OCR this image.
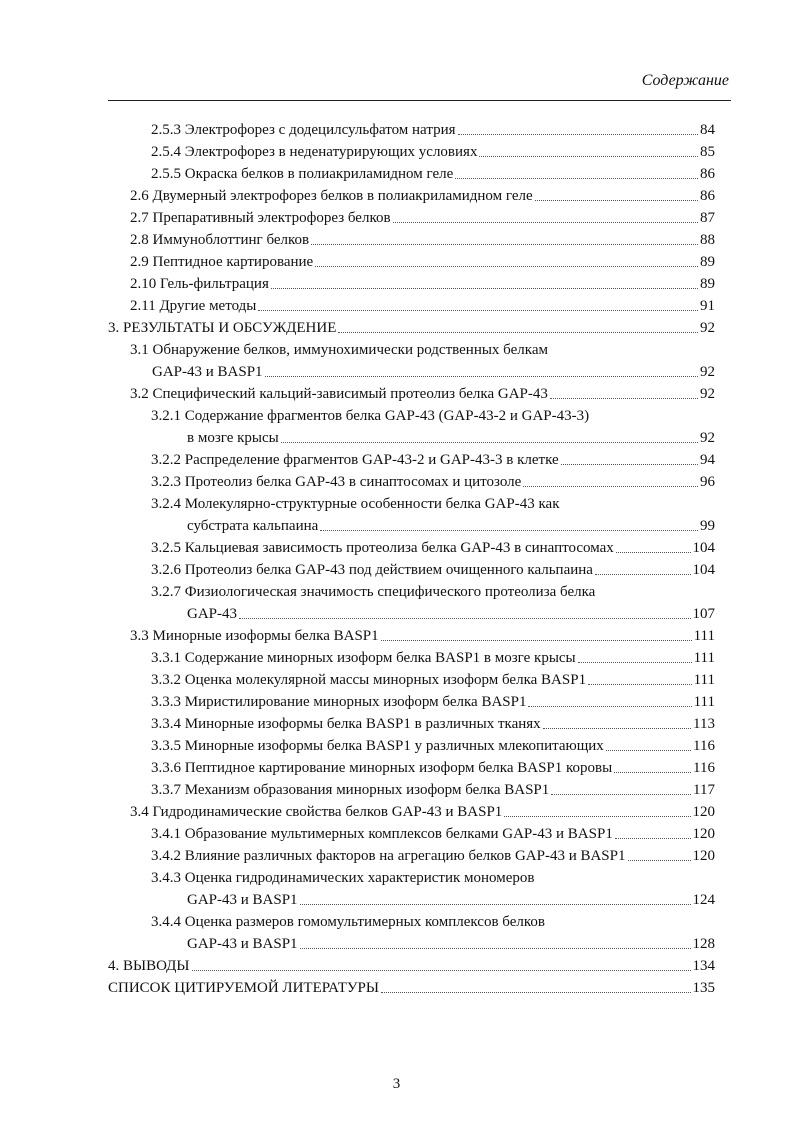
Содержание
2.5.3 Электрофорез с додецилсульфатом натрия	84
2.5.4 Электрофорез в неденатурирующих условиях	85
2.5.5 Окраска белков в полиакриламидном геле	86
2.6 Двумерный электрофорез белков в полиакриламидном геле	86
2.7 Препаративный электрофорез белков	87
2.8 Иммуноблоттинг белков	88
2.9 Пептидное картирование	89
2.10 Гель-фильтрация	89
2.11 Другие методы	91
3. РЕЗУЛЬТАТЫ И ОБСУЖДЕНИЕ	92
3.1 Обнаружение белков, иммунохимически родственных белкам
GAP-43 и BASP1	92
3.2 Специфический кальций-зависимый протеолиз белка GAP-43	92
3.2.1 Содержание фрагментов белка GAP-43 (GAP-43-2 и GAP-43-3)
в мозге крысы	92
3.2.2 Распределение фрагментов GAP-43-2 и GAP-43-3 в клетке	94
3.2.3 Протеолиз белка GAP-43 в синаптосомах и цитозоле	96
3.2.4 Молекулярно-структурные особенности белка GAP-43 как
субстрата кальпаина	99
3.2.5 Кальциевая зависимость протеолиза белка GAP-43 в синаптосомах	104
3.2.6 Протеолиз белка GAP-43 под действием очищенного кальпаина	104
3.2.7 Физиологическая значимость специфического протеолиза белка
GAP-43	107
3.3 Минорные изоформы белка BASP1	111
3.3.1 Содержание минорных изоформ белка BASP1 в мозге крысы	111
3.3.2 Оценка молекулярной массы минорных изоформ белка BASP1	111
3.3.3 Миристилирование минорных изоформ белка BASP1	111
3.3.4 Минорные изоформы белка BASP1 в различных тканях	113
3.3.5 Минорные изоформы белка BASP1 у различных млекопитающих	116
3.3.6 Пептидное картирование минорных изоформ белка BASP1 коровы	116
3.3.7 Механизм образования минорных изоформ белка BASP1	117
3.4 Гидродинамические свойства белков GAP-43 и BASP1	120
3.4.1 Образование мультимерных комплексов белками GAP-43 и BASP1	120
3.4.2 Влияние различных факторов на агрегацию белков GAP-43 и BASP1	120
3.4.3 Оценка гидродинамических характеристик мономеров
GAP-43 и BASP1	124
3.4.4 Оценка размеров гомомультимерных комплексов белков
GAP-43 и BASP1	128
4. ВЫВОДЫ	134
СПИСОК ЦИТИРУЕМОЙ ЛИТЕРАТУРЫ	135
3
